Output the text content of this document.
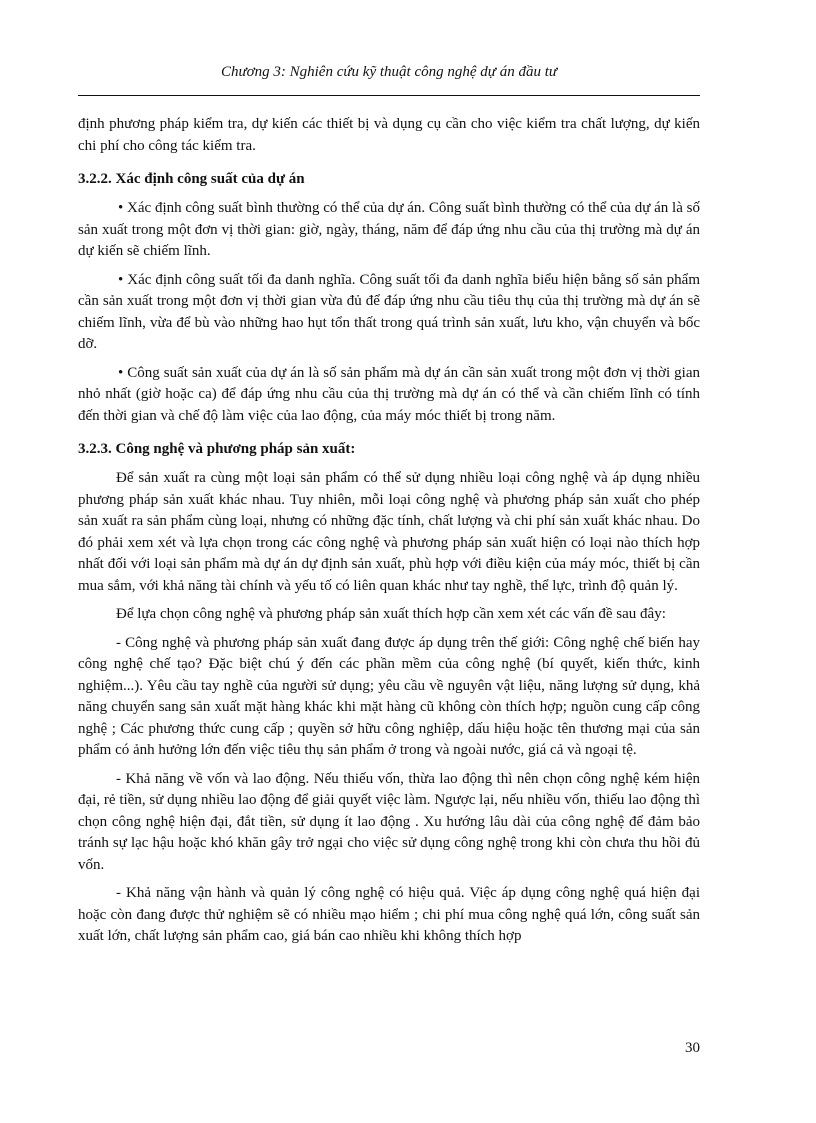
Chương 3: Nghiên cứu kỹ thuật công nghệ dự án đầu tư

định phương pháp kiểm tra, dự kiến các thiết bị và dụng cụ cần cho việc kiểm tra chất lượng, dự kiến chi phí cho công tác kiểm tra.

3.2.2. Xác định công suất của dự án

• Xác định công suất bình thường có thể của dự án. Công suất bình thường có thể của dự án là số sản xuất trong một đơn vị thời gian: giờ, ngày, tháng, năm để đáp ứng nhu cầu của thị trường mà dự án dự kiến sẽ chiếm lĩnh.

• Xác định công suất tối đa danh nghĩa. Công suất tối đa danh nghĩa biểu hiện bằng số sản phẩm cần sản xuất trong một đơn vị thời gian vừa đủ để đáp ứng nhu cầu tiêu thụ của thị trường mà dự án sẽ chiếm lĩnh, vừa để bù vào những hao hụt tổn thất trong quá trình sản xuất, lưu kho, vận chuyển và bốc dỡ.

• Công suất sản xuất của dự án là số sản phẩm mà dự án cần sản xuất trong một đơn vị thời gian nhỏ nhất (giờ hoặc ca) để đáp ứng nhu cầu của thị trường mà dự án có thể và cần chiếm lĩnh có tính đến thời gian và chế độ làm việc của lao động, của máy móc thiết bị trong năm.

3.2.3. Công nghệ và phương pháp sản xuất:

Để sản xuất ra cùng một loại sản phẩm có thể sử dụng nhiều loại công nghệ và áp dụng nhiều phương pháp sản xuất khác nhau. Tuy nhiên, mỗi loại công nghệ và phương pháp sản xuất cho phép sản xuất ra sản phẩm cùng loại, nhưng có những đặc tính, chất lượng và chi phí sản xuất khác nhau. Do đó phải xem xét và lựa chọn trong các công nghệ và phương pháp sản xuất hiện có loại nào thích hợp nhất đối với loại sản phẩm mà dự án dự định sản xuất, phù hợp với điều kiện của máy móc, thiết bị cần mua sắm, với khả năng tài chính và yếu tố có liên quan khác như tay nghề, thể lực, trình độ quản lý.

Để lựa chọn công nghệ và phương pháp sản xuất thích hợp cần xem xét các vấn đề sau đây:

- Công nghệ và phương pháp sản xuất đang được áp dụng trên thế giới: Công nghệ chế biến hay công nghệ chế tạo? Đặc biệt chú ý đến các phần mềm của công nghệ (bí quyết, kiến thức, kinh nghiệm...). Yêu cầu tay nghề của người sử dụng; yêu cầu về nguyên vật liệu, năng lượng sử dụng, khả năng chuyển sang sản xuất mặt hàng khác khi mặt hàng cũ không còn thích hợp; nguồn cung cấp công nghệ ; Các phương thức cung cấp ; quyền sở hữu công nghiệp, dấu hiệu hoặc tên thương mại của sản phẩm có ảnh hưởng lớn đến việc tiêu thụ sản phẩm ở trong và ngoài nước, giá cả và ngoại tệ.

- Khả năng về vốn và lao động. Nếu thiếu vốn, thừa lao động thì nên chọn công nghệ kém hiện đại, rẻ tiền, sử dụng nhiều lao động để giải quyết việc làm. Ngược lại, nếu nhiều vốn, thiếu lao động thì chọn công nghệ hiện đại, đắt tiền, sử dụng ít lao động . Xu hướng lâu dài của công nghệ để đảm bảo tránh sự lạc hậu hoặc khó khăn gây trở ngại cho việc sử dụng công nghệ trong khi còn chưa thu hồi đủ vốn.

- Khả năng vận hành và quản lý công nghệ có hiệu quả. Việc áp dụng công nghệ quá hiện đại hoặc còn đang được thử nghiệm sẽ có nhiều mạo hiểm ; chi phí mua công nghệ quá lớn, công suất sản xuất lớn, chất lượng sản phẩm cao, giá bán cao nhiều khi không thích hợp

30
